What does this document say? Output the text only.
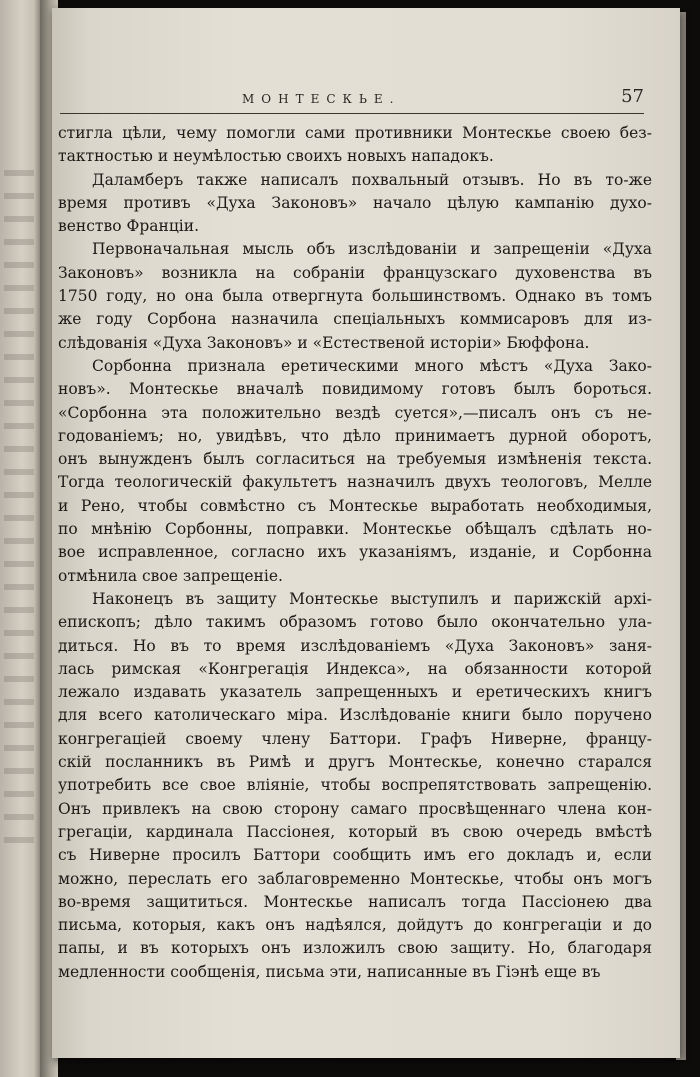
МОНТЕСКЬЕ.	57

стигла цѣли, чему помогли сами противники Монтескье своею без-
тактностью и неумѣлостью своихъ новыхъ нападокъ.

Даламберъ также написалъ похвальный отзывъ. Но въ то-же
время противъ «Духа Законовъ» начало цѣлую кампанію духо-
венство Франціи.

Первоначальная мысль объ изслѣдованіи и запрещеніи «Духа
Законовъ» возникла на собраніи французскаго духовенства въ
1750 году, но она была отвергнута большинствомъ. Однако въ томъ
же году Сорбона назначила спеціальныхъ коммисаровъ для из-
слѣдованія «Духа Законовъ» и «Естественой исторіи» Бюффона.

Сорбонна признала еретическими много мѣстъ «Духа Зако-
новъ». Монтескье вначалѣ повидимому готовъ былъ бороться.
«Сорбонна эта положительно вездѣ суется»,—писалъ онъ съ не-
годованіемъ; но, увидѣвъ, что дѣло принимаетъ дурной оборотъ,
онъ вынужденъ былъ согласиться на требуемыя измѣненія текста.
Тогда теологическій факультетъ назначилъ двухъ теологовъ, Мелле
и Рено, чтобы совмѣстно съ Монтескье выработать необходимыя,
по мнѣнію Сорбонны, поправки. Монтескье обѣщалъ сдѣлать но-
вое исправленное, согласно ихъ указаніямъ, изданіе, и Сорбонна
отмѣнила свое запрещеніе.

Наконецъ въ защиту Монтескье выступилъ и парижскій архі-
епископъ; дѣло такимъ образомъ готово было окончательно ула-
диться. Но въ то время изслѣдованіемъ «Духа Законовъ» заня-
лась римская «Конгрегація Индекса», на обязанности которой
лежало издавать указатель запрещенныхъ и еретическихъ книгъ
для всего католическаго міра. Изслѣдованіе книги было поручено
конгрегаціей своему члену Баттори. Графъ Ниверне, францу-
скій посланникъ въ Римѣ и другъ Монтескье, конечно старался
употребить все свое вліяніе, чтобы воспрепятствовать запрещенію.
Онъ привлекъ на свою сторону самаго просвѣщеннаго члена кон-
грегаціи, кардинала Пассіонея, который въ свою очередь вмѣстѣ
съ Ниверне просилъ Баттори сообщить имъ его докладъ и, если
можно, переслать его заблаговременно Монтескье, чтобы онъ могъ
во-время защититься. Монтескье написалъ тогда Пассіонею два
письма, которыя, какъ онъ надѣялся, дойдутъ до конгрегаціи и до
папы, и въ которыхъ онъ изложилъ свою защиту. Но, благодаря
медленности сообщенія, письма эти, написанные въ Гіэнѣ еще въ
